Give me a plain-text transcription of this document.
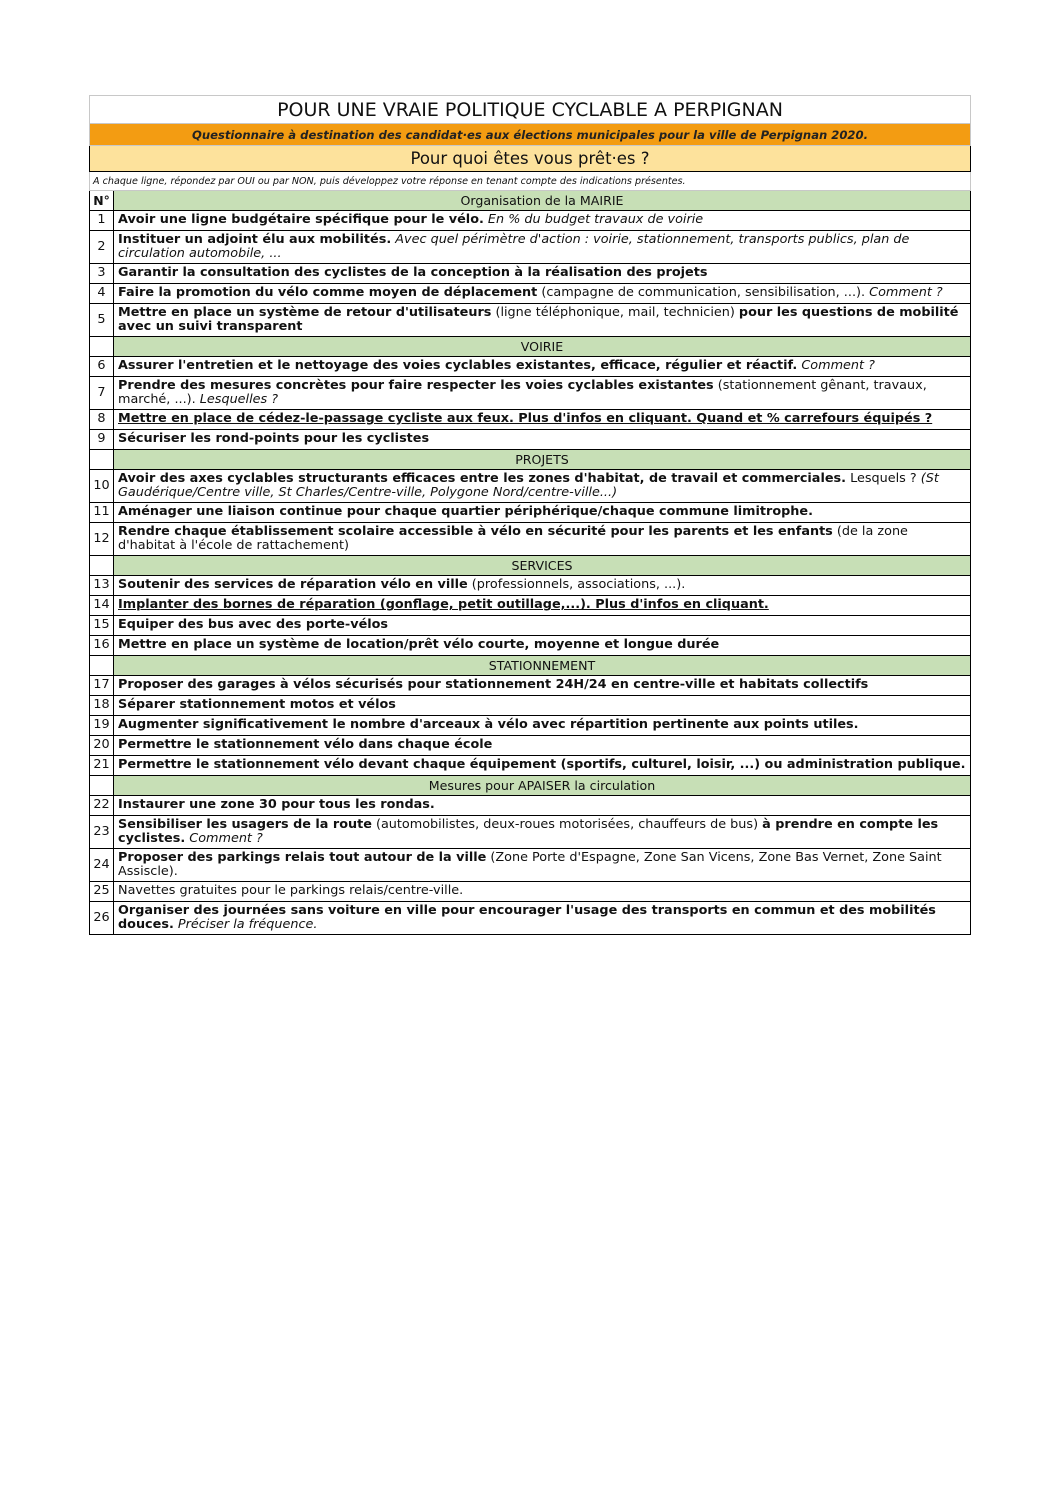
POUR UNE VRAIE POLITIQUE CYCLABLE A PERPIGNAN	
Questionnaire à destination des candidat·es aux élections municipales pour la ville de Perpignan 2020.	
Pour quoi êtes vous prêt·es ?	
A chaque ligne, répondez par OUI ou par NON, puis développez votre réponse en tenant compte des indications présentes.	
N°	Organisation de la MAIRIE
1	Avoir une ligne budgétaire spécifique pour le vélo. En % du budget travaux de voirie
2	Instituer un adjoint élu aux mobilités. Avec quel périmètre d'action : voirie, stationnement, transports publics, plan de circulation automobile, ...
3	Garantir la consultation des cyclistes de la conception à la réalisation des projets
4	Faire la promotion du vélo comme moyen de déplacement (campagne de communication, sensibilisation, ...). Comment ?
5	Mettre en place un système de retour d'utilisateurs (ligne téléphonique, mail, technicien) pour les questions de mobilité avec un suivi transparent
	VOIRIE
6	Assurer l'entretien et le nettoyage des voies cyclables existantes, efficace, régulier et réactif. Comment ?
7	Prendre des mesures concrètes pour faire respecter les voies cyclables existantes (stationnement gênant, travaux, marché, ...). Lesquelles ?
8	Mettre en place de cédez-le-passage cycliste aux feux. Plus d'infos en cliquant. Quand et % carrefours équipés ?
9	Sécuriser les rond-points pour les cyclistes
	PROJETS
10	Avoir des axes cyclables structurants efficaces entre les zones d'habitat, de travail et commerciales. Lesquels ? (St Gaudérique/Centre ville, St Charles/Centre-ville, Polygone Nord/centre-ville...)
11	Aménager une liaison continue pour chaque quartier périphérique/chaque commune limitrophe.
12	Rendre chaque établissement scolaire accessible à vélo en sécurité pour les parents et les enfants (de la zone d'habitat à l'école de rattachement)
	SERVICES
13	Soutenir des services de réparation vélo en ville (professionnels, associations, ...).
14	Implanter des bornes de réparation (gonflage, petit outillage,...). Plus d'infos en cliquant.
15	Equiper des bus avec des porte-vélos
16	Mettre en place un système de location/prêt vélo courte, moyenne et longue durée
	STATIONNEMENT
17	Proposer des garages à vélos sécurisés pour stationnement 24H/24 en centre-ville et habitats collectifs
18	Séparer stationnement motos et vélos
19	Augmenter significativement le nombre d'arceaux à vélo avec répartition pertinente aux points utiles.
20	Permettre le stationnement vélo dans chaque école
21	Permettre le stationnement vélo devant chaque équipement (sportifs, culturel, loisir, ...) ou administration publique.
	Mesures pour APAISER la circulation
22	Instaurer une zone 30 pour tous les rondas.
23	Sensibiliser les usagers de la route (automobilistes, deux-roues motorisées, chauffeurs de bus) à prendre en compte les cyclistes. Comment ?
24	Proposer des parkings relais tout autour de la ville (Zone Porte d'Espagne, Zone San Vicens, Zone Bas Vernet, Zone Saint Assiscle).
25	Navettes gratuites pour le parkings relais/centre-ville.
26	Organiser des journées sans voiture en ville pour encourager l'usage des transports en commun et des mobilités douces. Préciser la fréquence.
